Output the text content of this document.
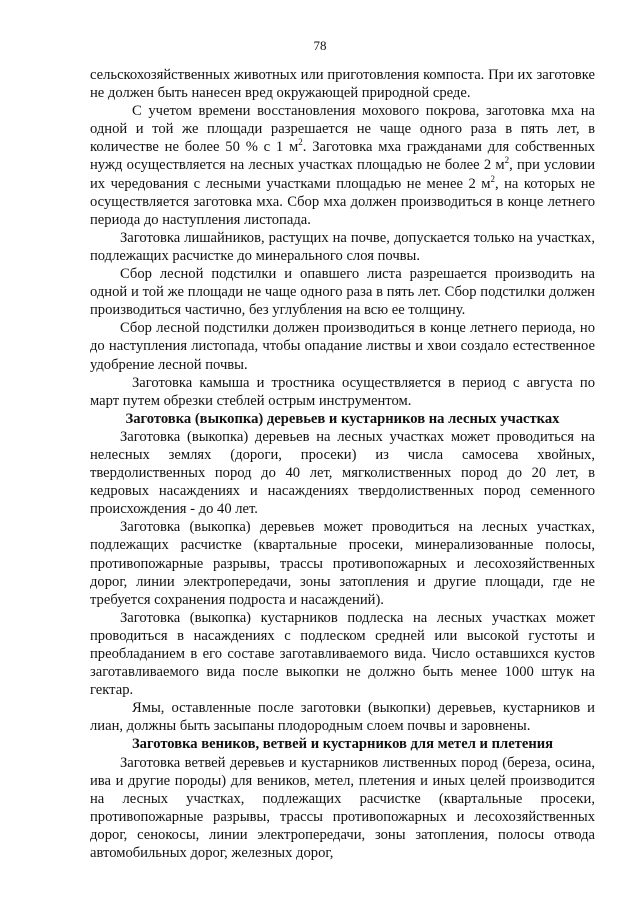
78

сельскохозяйственных животных или приготовления компоста. При их заготовке не должен быть нанесен вред окружающей природной среде.

С учетом времени восстановления мохового покрова, заготовка мха на одной и той же площади разрешается не чаще одного раза в пять лет, в количестве не более 50 % с 1 $м^2$. Заготовка мха гражданами для собственных нужд осуществляется на лесных участках площадью не более 2 $м^2$, при условии их чередования с лесными участками площадью не менее 2 $м^2$, на которых не осуществляется заготовка мха. Сбор мха должен производиться в конце летнего периода до наступления листопада.

Заготовка лишайников, растущих на почве, допускается только на участках, подлежащих расчистке до минерального слоя почвы.

Сбор лесной подстилки и опавшего листа разрешается производить на одной и той же площади не чаще одного раза в пять лет. Сбор подстилки должен производиться частично, без углубления на всю ее толщину.

Сбор лесной подстилки должен производиться в конце летнего периода, но до наступления листопада, чтобы опадание листвы и хвои создало естественное удобрение лесной почвы.

Заготовка камыша и тростника осуществляется в период с августа по март путем обрезки стеблей острым инструментом.

Заготовка (выкопка) деревьев и кустарников на лесных участках

Заготовка (выкопка) деревьев на лесных участках может проводиться на нелесных землях (дороги, просеки) из числа самосева хвойных, твердолиственных пород до 40 лет, мягколиственных пород до 20 лет, в кедровых насаждениях и насаждениях твердолиственных пород семенного происхождения - до 40 лет.

Заготовка (выкопка) деревьев может проводиться на лесных участках, подлежащих расчистке (квартальные просеки, минерализованные полосы, противопожарные разрывы, трассы противопожарных и лесохозяйственных дорог, линии электропередачи, зоны затопления и другие площади, где не требуется сохранения подроста и насаждений).

Заготовка (выкопка) кустарников подлеска на лесных участках может проводиться в насаждениях с подлеском средней или высокой густоты и преобладанием в его составе заготавливаемого вида. Число оставшихся кустов заготавливаемого вида после выкопки не должно быть менее 1000 штук на гектар.

Ямы, оставленные после заготовки (выкопки) деревьев, кустарников и лиан, должны быть засыпаны плодородным слоем почвы и заровнены.

Заготовка веников, ветвей и кустарников для метел и плетения

Заготовка ветвей деревьев и кустарников лиственных пород (береза, осина, ива и другие породы) для веников, метел, плетения и иных целей производится на лесных участках, подлежащих расчистке (квартальные просеки, противопожарные разрывы, трассы противопожарных и лесохозяйственных дорог, сенокосы, линии электропередачи, зоны затопления, полосы отвода автомобильных дорог, железных дорог,
